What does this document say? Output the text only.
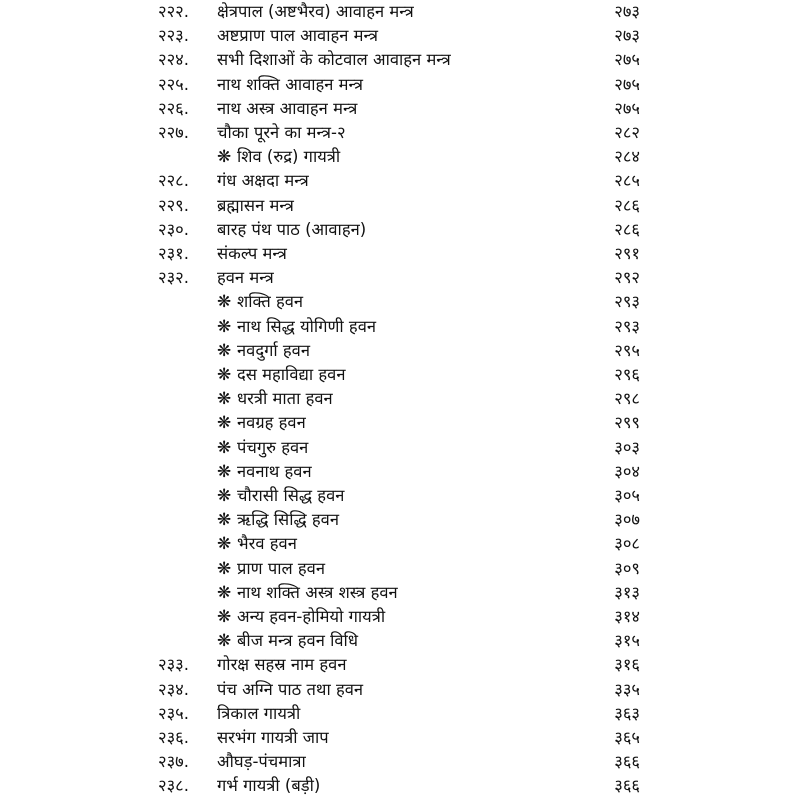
२२२. क्षेत्रपाल (अष्टभैरव) आवाहन मन्त्र	२७३
२२३. अष्टप्राण पाल आवाहन मन्त्र	२७३
२२४. सभी दिशाओं के कोटवाल आवाहन मन्त्र	२७५
२२५. नाथ शक्ति आवाहन मन्त्र	२७५
२२६. नाथ अस्त्र आवाहन मन्त्र	२७५
२२७. चौका पूरने का मन्त्र-२	२८२
❋ शिव (रुद्र) गायत्री	२८४
२२८. गंध अक्षदा मन्त्र	२८५
२२९. ब्रह्मासन मन्त्र	२८६
२३०. बारह पंथ पाठ (आवाहन)	२८६
२३१. संकल्प मन्त्र	२९१
२३२. हवन मन्त्र	२९२
❋ शक्ति हवन	२९३
❋ नाथ सिद्ध योगिणी हवन	२९३
❋ नवदुर्गा हवन	२९५
❋ दस महाविद्या हवन	२९६
❋ धरत्री माता हवन	२९८
❋ नवग्रह हवन	२९९
❋ पंचगुरु हवन	३०३
❋ नवनाथ हवन	३०४
❋ चौरासी सिद्ध हवन	३०५
❋ ऋद्धि सिद्धि हवन	३०७
❋ भैरव हवन	३०८
❋ प्राण पाल हवन	३०९
❋ नाथ शक्ति अस्त्र शस्त्र हवन	३१३
❋ अन्य हवन-होमियो गायत्री	३१४
❋ बीज मन्त्र हवन विधि	३१५
२३३. गोरक्ष सहस्र नाम हवन	३१६
२३४. पंच अग्नि पाठ तथा हवन	३३५
२३५. त्रिकाल गायत्री	३६३
२३६. सरभंग गायत्री जाप	३६५
२३७. औघड़-पंचमात्रा	३६६
२३८. गर्भ गायत्री (बड़ी)	३६६
